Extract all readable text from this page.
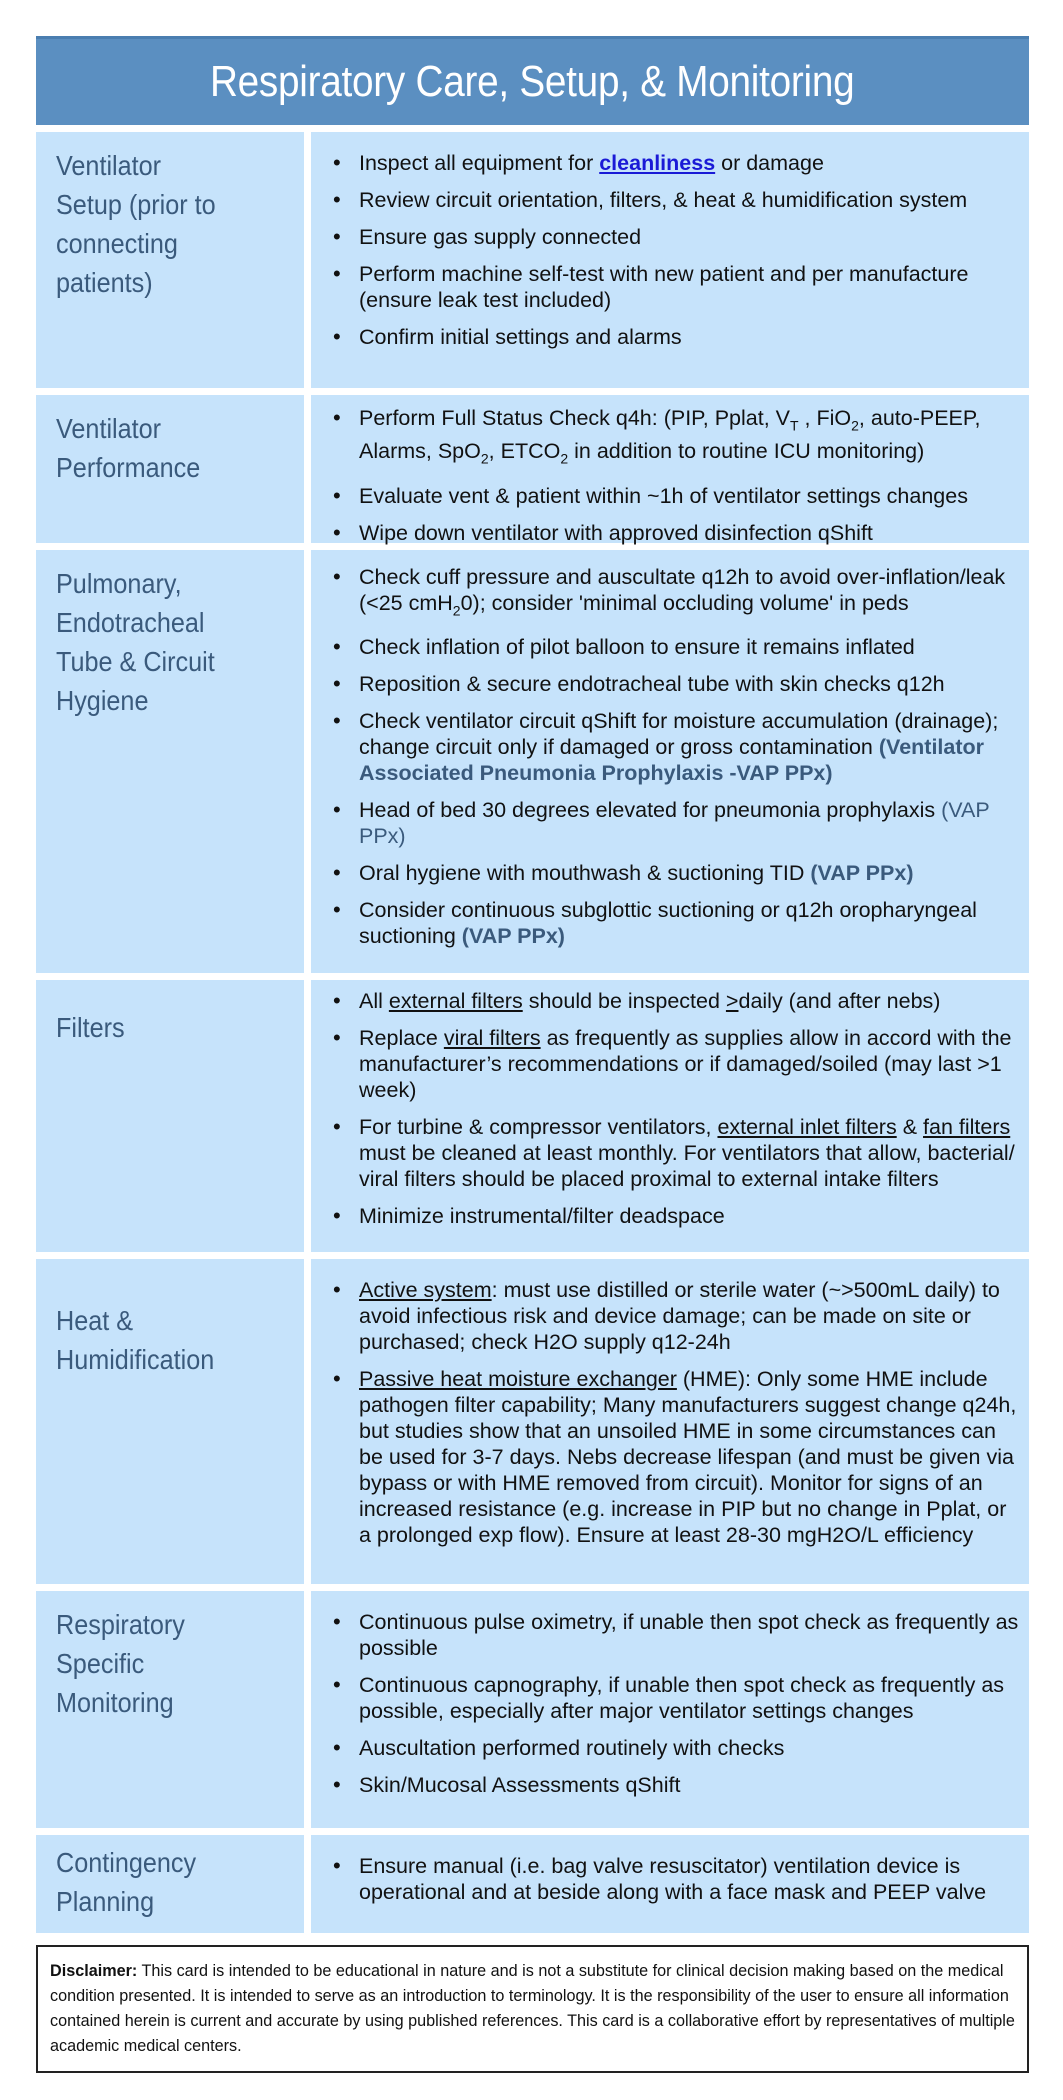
Respiratory Care, Setup, & Monitoring
Ventilator Setup (prior to connecting patients)
• Inspect all equipment for cleanliness or damage
• Review circuit orientation, filters, & heat & humidification system
• Ensure gas supply connected
• Perform machine self-test with new patient and per manufacture (ensure leak test included)
• Confirm initial settings and alarms
Ventilator Performance
• Perform Full Status Check q4h: (PIP, Pplat, $V_T$ , FiO$_2$, auto-PEEP, Alarms, SpO$_2$, $ETCO_2$ in addition to routine ICU monitoring)
• Evaluate vent & patient within ~1h of ventilator settings changes
• Wipe down ventilator with approved disinfection qShift
Pulmonary, Endotracheal Tube & Circuit Hygiene
• Check cuff pressure and auscultate q12h to avoid over-inflation/leak (<25 cmH$_2$0); consider 'minimal occluding volume' in peds
• Check inflation of pilot balloon to ensure it remains inflated
• Reposition & secure endotracheal tube with skin checks q12h
• Check ventilator circuit qShift for moisture accumulation (drainage); change circuit only if damaged or gross contamination (Ventilator Associated Pneumonia Prophylaxis -VAP PPx)
• Head of bed 30 degrees elevated for pneumonia prophylaxis (VAP PPx)
• Oral hygiene with mouthwash & suctioning TID (VAP PPx)
• Consider continuous subglottic suctioning or q12h oropharyngeal suctioning (VAP PPx)
Filters
• All external filters should be inspected >daily (and after nebs)
• Replace viral filters as frequently as supplies allow in accord with the manufacturer’s recommendations or if damaged/soiled (may last >1 week)
• For turbine & compressor ventilators, external inlet filters & fan filters must be cleaned at least monthly. For ventilators that allow, bacterial/ viral filters should be placed proximal to external intake filters
• Minimize instrumental/filter deadspace
Heat & Humidification
• Active system: must use distilled or sterile water (~>500mL daily) to avoid infectious risk and device damage; can be made on site or purchased; check H2O supply q12-24h
• Passive heat moisture exchanger (HME): Only some HME include pathogen filter capability; Many manufacturers suggest change q24h, but studies show that an unsoiled HME in some circumstances can be used for 3-7 days. Nebs decrease lifespan (and must be given via bypass or with HME removed from circuit). Monitor for signs of an increased resistance (e.g. increase in PIP but no change in Pplat, or a prolonged exp flow). Ensure at least 28-30 mgH2O/L efficiency
Respiratory Specific Monitoring
• Continuous pulse oximetry, if unable then spot check as frequently as possible
• Continuous capnography, if unable then spot check as frequently as possible, especially after major ventilator settings changes
• Auscultation performed routinely with checks
• Skin/Mucosal Assessments qShift
Contingency Planning
• Ensure manual (i.e. bag valve resuscitator) ventilation device is operational and at beside along with a face mask and PEEP valve
Disclaimer: This card is intended to be educational in nature and is not a substitute for clinical decision making based on the medical condition presented. It is intended to serve as an introduction to terminology. It is the responsibility of the user to ensure all information contained herein is current and accurate by using published references. This card is a collaborative effort by representatives of multiple academic medical centers.
